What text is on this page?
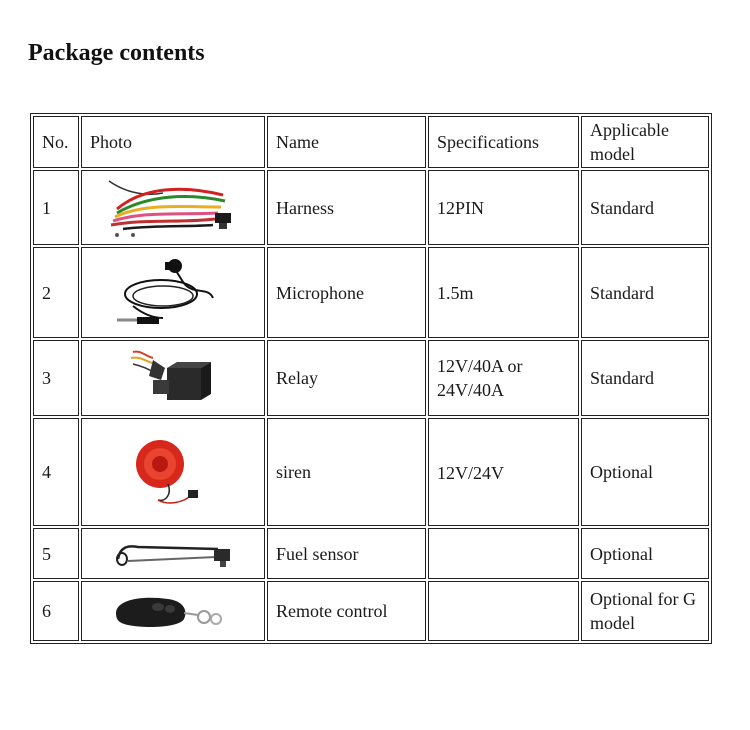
Package contents
No.	Photo	Name	Specifications	Applicable model
1		Harness	12PIN	Standard
2		Microphone	1.5m	Standard
3		Relay	12V/40A or 24V/40A	Standard
4		siren	12V/24V	Optional
5		Fuel sensor		Optional
6		Remote control		Optional for G model
